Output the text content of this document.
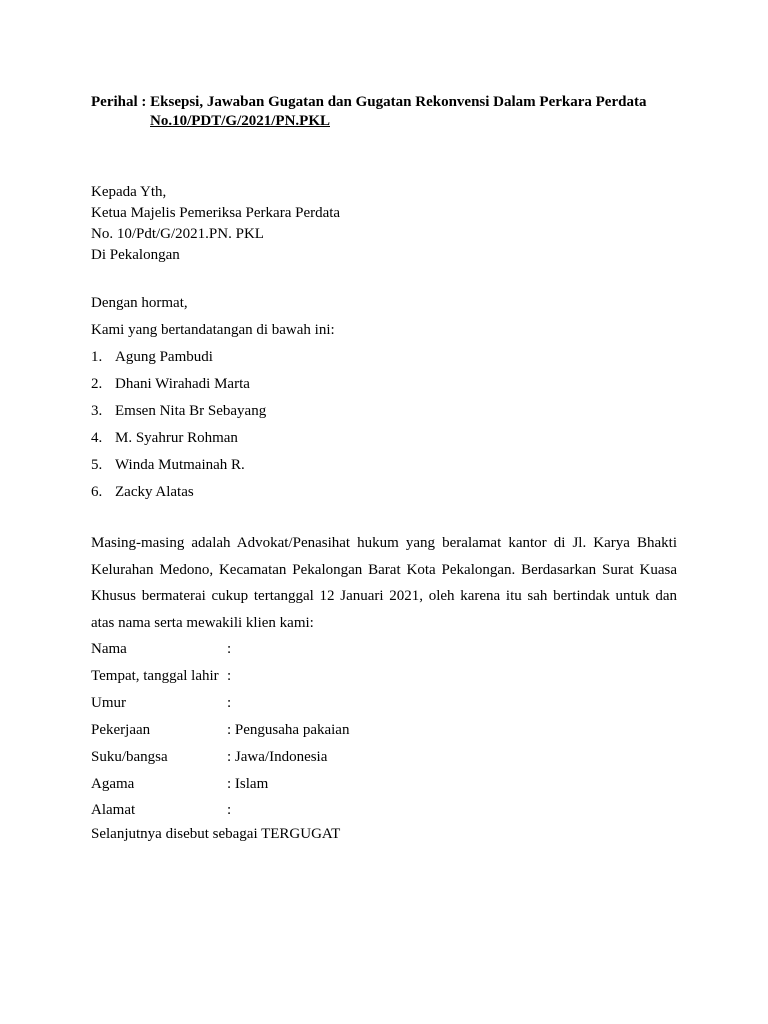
Perihal : Eksepsi, Jawaban Gugatan dan Gugatan Rekonvensi Dalam Perkara Perdata
No.10/PDT/G/2021/PN.PKL
Kepada Yth,
Ketua Majelis Pemeriksa Perkara Perdata
No. 10/Pdt/G/2021.PN. PKL
Di Pekalongan
Dengan hormat,
Kami yang bertandatangan di bawah ini:
1. Agung Pambudi
2. Dhani Wirahadi Marta
3. Emsen Nita Br Sebayang
4. M. Syahrur Rohman
5. Winda Mutmainah R.
6. Zacky Alatas
Masing-masing adalah Advokat/Penasihat hukum yang beralamat kantor di Jl. Karya Bhakti Kelurahan Medono, Kecamatan Pekalongan Barat Kota Pekalongan. Berdasarkan Surat Kuasa Khusus bermaterai cukup tertanggal 12 Januari 2021, oleh karena itu sah bertindak untuk dan atas nama serta mewakili klien kami:
Nama	:
Tempat, tanggal lahir :
Umur	:
Pekerjaan	: Pengusaha pakaian
Suku/bangsa	: Jawa/Indonesia
Agama	: Islam
Alamat	:
Selanjutnya disebut sebagai TERGUGAT
